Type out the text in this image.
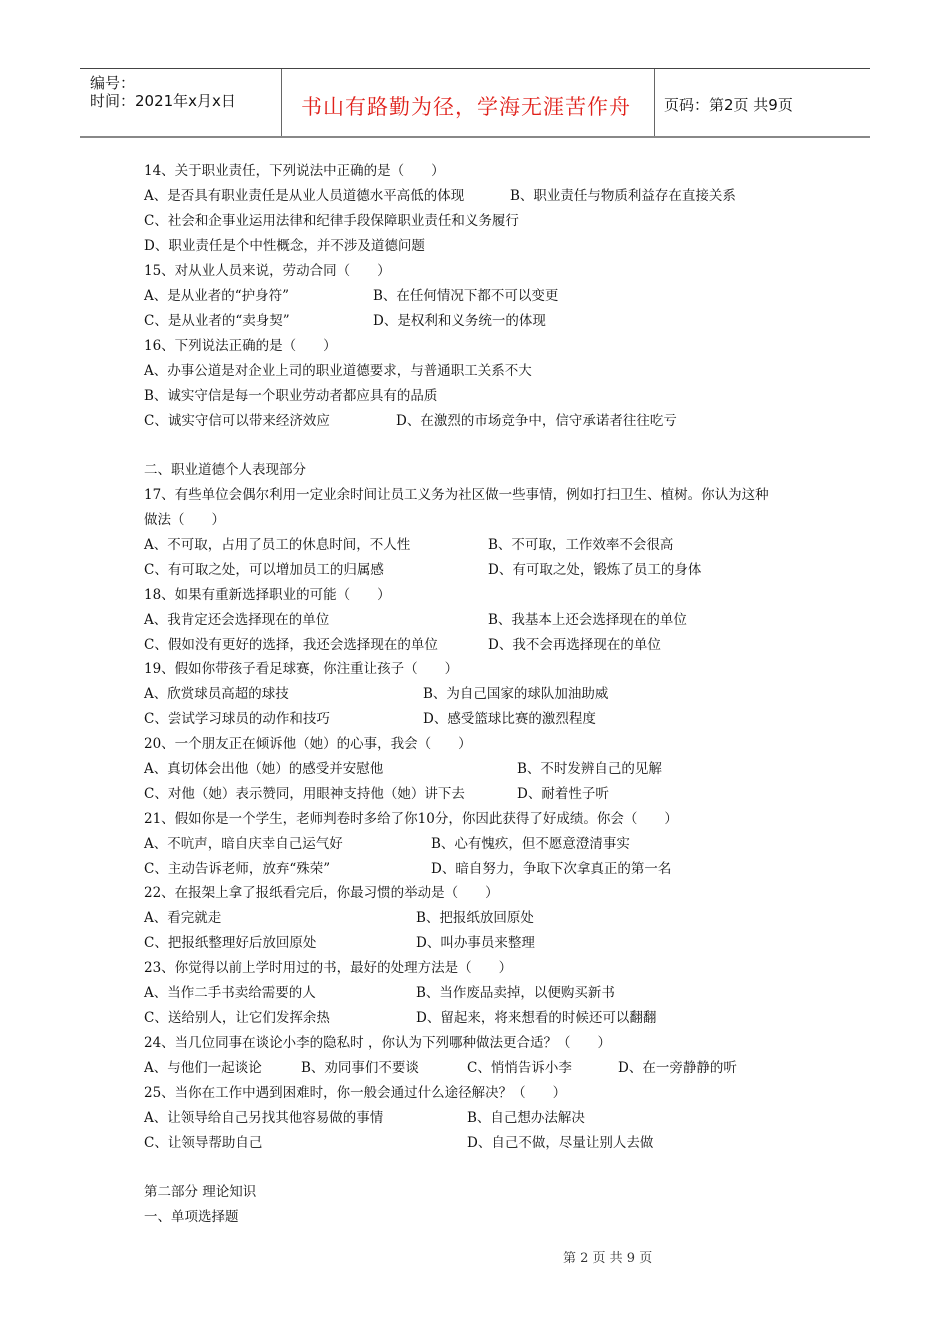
编号：
时间：2021年x月x日	书山有路勤为径，学海无涯苦作舟 页码：第2页 共9页
14、关于职业责任，下列说法中正确的是（　　）
A、是否具有职业责任是从业人员道德水平高低的体现	B、职业责任与物质利益存在直接关系
C、社会和企事业运用法律和纪律手段保障职业责任和义务履行
D、职业责任是个中性概念，并不涉及道德问题
15、对从业人员来说，劳动合同（　　）
A、是从业者的“护身符”	B、在任何情况下都不可以变更
C、是从业者的“卖身契”	D、是权利和义务统一的体现
16、下列说法正确的是（　　）
A、办事公道是对企业上司的职业道德要求，与普通职工关系不大
B、诚实守信是每一个职业劳动者都应具有的品质
C、诚实守信可以带来经济效应	D、在激烈的市场竞争中，信守承诺者往往吃亏
二、职业道德个人表现部分
17、有些单位会偶尔利用一定业余时间让员工义务为社区做一些事情，例如打扫卫生、植树。你认为这种
做法（　　）
A、不可取，占用了员工的休息时间，不人性	B、不可取，工作效率不会很高
C、有可取之处，可以增加员工的归属感	D、有可取之处，锻炼了员工的身体
18、如果有重新选择职业的可能（　　）
A、我肯定还会选择现在的单位	B、我基本上还会选择现在的单位
C、假如没有更好的选择，我还会选择现在的单位	D、我不会再选择现在的单位
19、假如你带孩子看足球赛，你注重让孩子（　　）
A、欣赏球员高超的球技	B、为自己国家的球队加油助威
C、尝试学习球员的动作和技巧	D、感受篮球比赛的激烈程度
20、一个朋友正在倾诉他（她）的心事，我会（　　）
A、真切体会出他（她）的感受并安慰他	B、不时发辨自己的见解
C、对他（她）表示赞同，用眼神支持他（她）讲下去	D、耐着性子听
21、假如你是一个学生，老师判卷时多给了你10分，你因此获得了好成绩。你会（　　）
A、不吭声，暗自庆幸自己运气好	B、心有愧疚，但不愿意澄清事实
C、主动告诉老师，放弃“殊荣”	D、暗自努力，争取下次拿真正的第一名
22、在报架上拿了报纸看完后，你最习惯的举动是（　　）
A、看完就走	B、把报纸放回原处
C、把报纸整理好后放回原处	D、叫办事员来整理
23、你觉得以前上学时用过的书，最好的处理方法是（　　）
A、当作二手书卖给需要的人	B、当作废品卖掉，以便购买新书
C、送给别人，让它们发挥余热	D、留起来，将来想看的时候还可以翻翻
24、当几位同事在谈论小李的隐私时 ，你认为下列哪种做法更合适？（　　）
A、与他们一起谈论	B、劝同事们不要谈	C、悄悄告诉小李	D、在一旁静静的听
25、当你在工作中遇到困难时，你一般会通过什么途径解决？（　　）
A、让领导给自己另找其他容易做的事情	B、自己想办法解决
C、让领导帮助自己	D、自己不做，尽量让别人去做
第二部分 理论知识
一、单项选择题
第 2 页 共 9 页
